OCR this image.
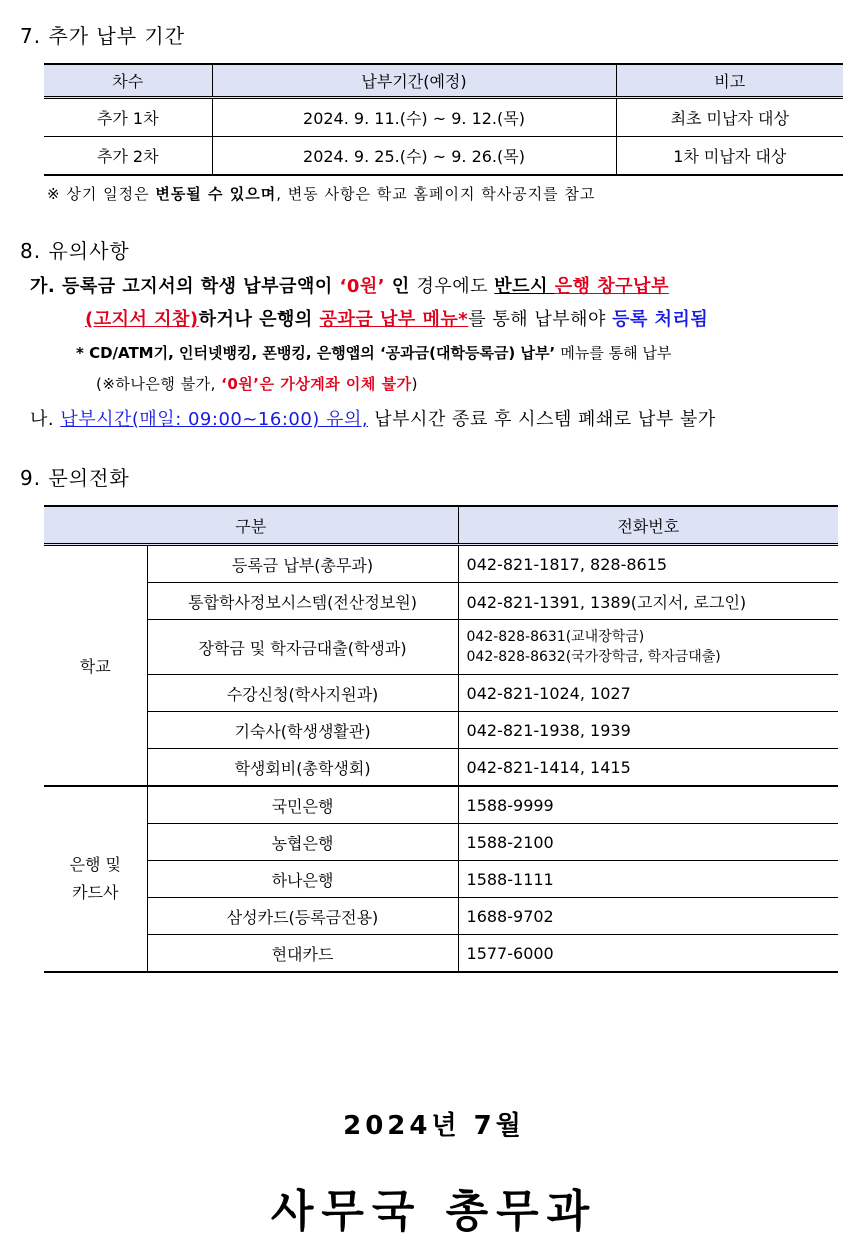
7. 추가 납부 기간
차수	납부기간(예정)	비고
추가 1차	2024. 9. 11.(수) ~ 9. 12.(목)	최초 미납자 대상
추가 2차	2024. 9. 25.(수) ~ 9. 26.(목)	1차 미납자 대상
※ 상기 일정은 변동될 수 있으며, 변동 사항은 학교 홈페이지 학사공지를 참고
8. 유의사항
가. 등록금 고지서의 학생 납부금액이 ‘0원’ 인 경우에도 반드시 은행 창구납부
(고지서 지참)하거나 은행의 공과금 납부 메뉴*를 통해 납부해야 등록 처리됨
* CD/ATM기, 인터넷뱅킹, 폰뱅킹, 은행앱의 ‘공과금(대학등록금) 납부’ 메뉴를 통해 납부
(※하나은행 불가, ‘0원’은 가상계좌 이체 불가)
나. 납부시간(매일: 09:00~16:00) 유의, 납부시간 종료 후 시스템 폐쇄로 납부 불가
9. 문의전화
구분		전화번호
학교	등록금 납부(총무과)	042-821-1817, 828-8615
	통합학사정보시스템(전산정보원)	042-821-1391, 1389(고지서, 로그인)
	장학금 및 학자금대출(학생과)	042-828-8631(교내장학금)
042-828-8632(국가장학금, 학자금대출)

	수강신청(학사지원과)	042-821-1024, 1027
	기숙사(학생생활관)	042-821-1938, 1939
	학생회비(총학생회)	042-821-1414, 1415

은행 및
카드사	국민은행	1588-9999
	농협은행	1588-2100
	하나은행	1588-1111
	삼성카드(등록금전용)	1688-9702
	현대카드	1577-6000
2024년 7월
사무국 총무과
